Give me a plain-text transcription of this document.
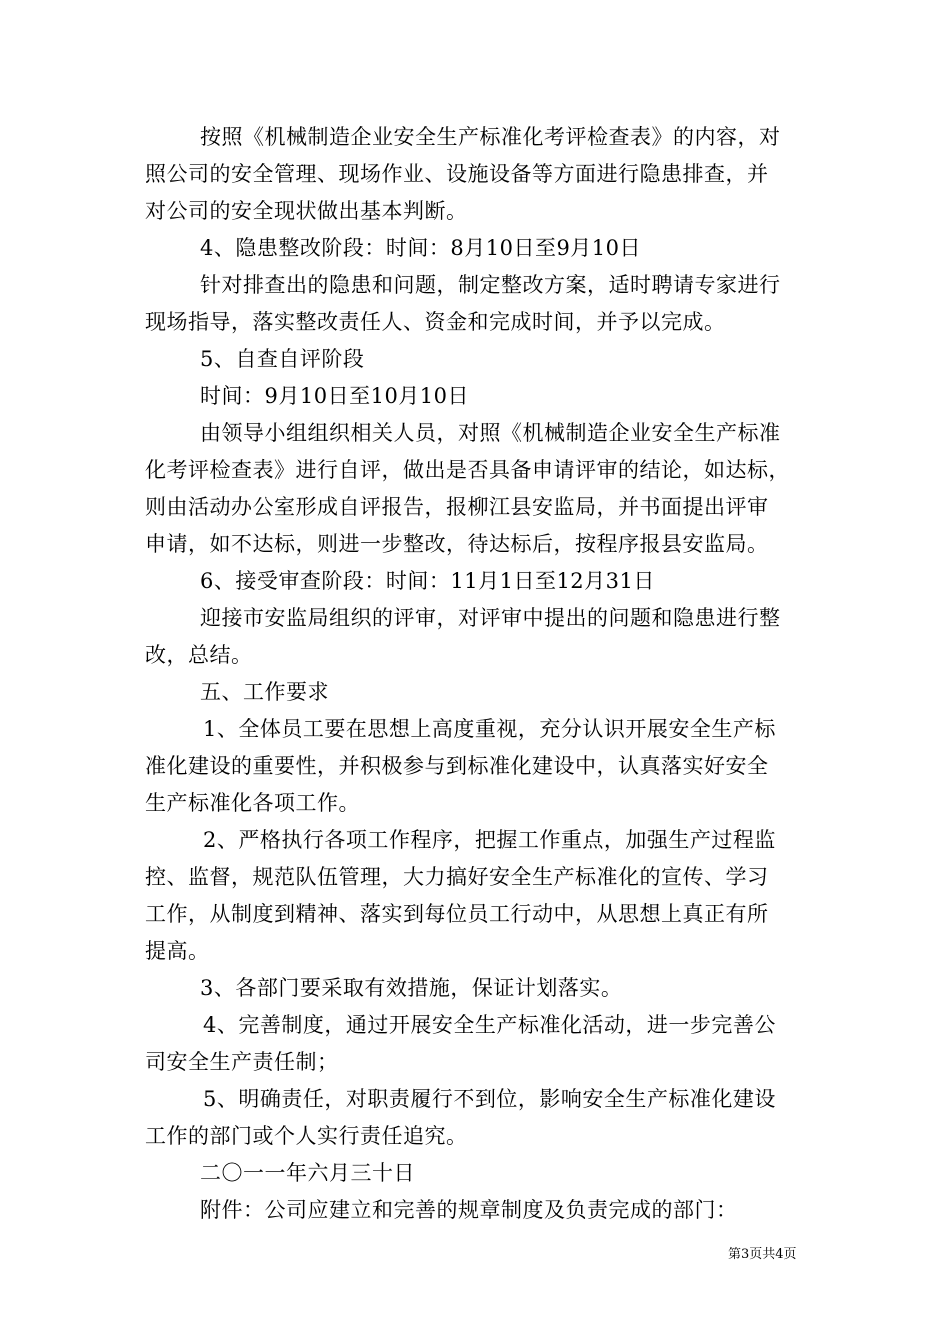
按照《机械制造企业安全生产标准化考评检查表》的内容，对
照公司的安全管理、现场作业、设施设备等方面进行隐患排查，并
对公司的安全现状做出基本判断。
4、隐患整改阶段：时间：8月10日至9月10日
针对排查出的隐患和问题，制定整改方案，适时聘请专家进行
现场指导，落实整改责任人、资金和完成时间，并予以完成。
5、自查自评阶段
时间：9月10日至10月10日
由领导小组组织相关人员，对照《机械制造企业安全生产标准
化考评检查表》进行自评，做出是否具备申请评审的结论，如达标，
则由活动办公室形成自评报告，报柳江县安监局，并书面提出评审
申请，如不达标，则进一步整改，待达标后，按程序报县安监局。
6、接受审查阶段：时间：11月1日至12月31日
迎接市安监局组织的评审，对评审中提出的问题和隐患进行整
改，总结。
五、工作要求
1、全体员工要在思想上高度重视，充分认识开展安全生产标
准化建设的重要性，并积极参与到标准化建设中，认真落实好安全
生产标准化各项工作。
2、严格执行各项工作程序，把握工作重点，加强生产过程监
控、监督，规范队伍管理，大力搞好安全生产标准化的宣传、学习
工作，从制度到精神、落实到每位员工行动中，从思想上真正有所
提高。
3、各部门要采取有效措施，保证计划落实。
4、完善制度，通过开展安全生产标准化活动，进一步完善公
司安全生产责任制；
5、明确责任，对职责履行不到位，影响安全生产标准化建设
工作的部门或个人实行责任追究。
二〇一一年六月三十日
附件：公司应建立和完善的规章制度及负责完成的部门：
第3页共4页
